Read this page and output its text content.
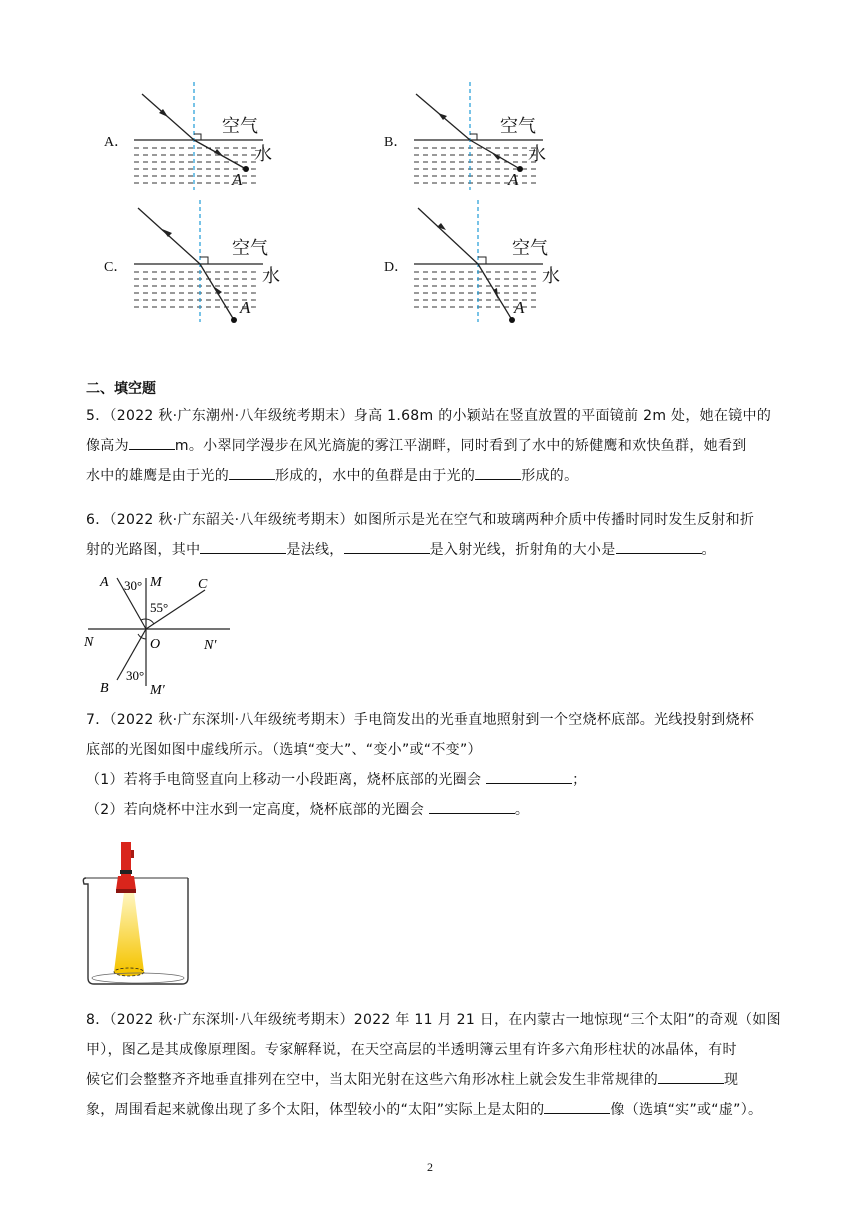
A．
空气
水
A
B．
空气
水
A
C．
空气
水
A
D．
空气
水
A
二、填空题
5．（2022 秋·广东潮州·八年级统考期末）身高 1.68m 的小颖站在竖直放置的平面镜前 2m 处，她在镜中的
像高为	m。小翠同学漫步在风光旖旎的雾江平湖畔，同时看到了水中的矫健鹰和欢快鱼群，她看到
水中的雄鹰是由于光的	形成的，水中的鱼群是由于光的	形成的。
6．（2022 秋·广东韶关·八年级统考期末）如图所示是光在空气和玻璃两种介质中传播时同时发生反射和折
射的光路图，其中	是法线，	是入射光线，折射角的大小是	。
A 30° M	C
55°
N	O	N′
B
30°
M′
7．（2022 秋·广东深圳·八年级统考期末）手电筒发出的光垂直地照射到一个空烧杯底部。光线投射到烧杯
底部的光图如图中虚线所示。（选填“变大”、“变小”或“不变”）
（1）若将手电筒竖直向上移动一小段距离，烧杯底部的光圈会	；
（2）若向烧杯中注水到一定高度，烧杯底部的光圈会	。
8．（2022 秋·广东深圳·八年级统考期末）2022 年 11 月 21 日，在内蒙古一地惊现“三个太阳”的奇观（如图
甲），图乙是其成像原理图。专家解释说，在天空高层的半透明簿云里有许多六角形柱状的冰晶体，有时
候它们会整整齐齐地垂直排列在空中，当太阳光射在这些六角形冰柱上就会发生非常规律的	现
象，周围看起来就像出现了多个太阳，体型较小的“太阳”实际上是太阳的	像（选填“实”或“虚”）。
2
